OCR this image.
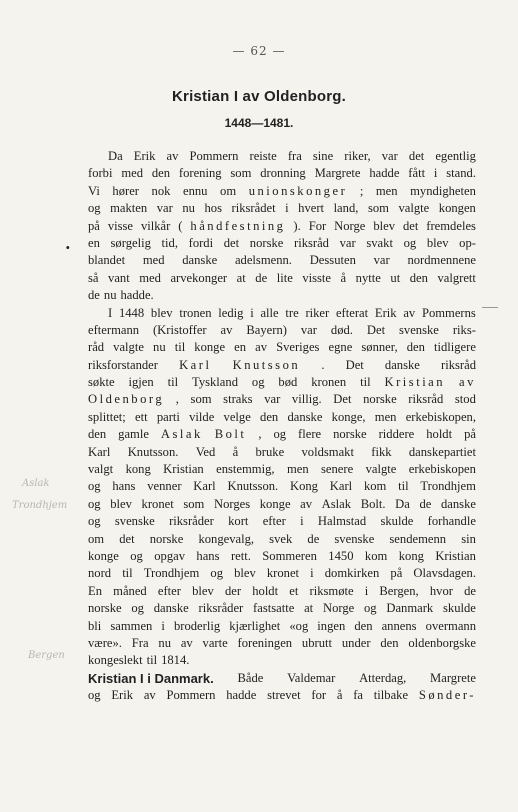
— 62 —
Kristian I av Oldenborg.
1448—1481.
.
Aslak
Trondhjem
Bergen
Da Erik av Pommern reiste fra sine riker, var det egentlig
forbi med den forening som dronning Margrete hadde fått i stand.
Vi hører nok ennu om unionskonger ; men myndigheten
og makten var nu hos riksrådet i hvert land, som valgte kongen
på visse vilkår ( håndfestning ). For Norge blev det fremdeles
en sørgelig tid, fordi det norske riksråd var svakt og blev op-
blandet med danske adelsmenn. Dessuten var nordmennene
så vant med arvekonger at de lite visste å nytte ut den valgrett
de nu hadde.
I 1448 blev tronen ledig i alle tre riker efterat Erik av Pommerns
eftermann (Kristoffer av Bayern) var død. Det svenske riks-
råd valgte nu til konge en av Sveriges egne sønner, den tidligere
riksforstander Karl Knutsson . Det danske riksråd
søkte igjen til Tyskland og bød kronen til Kristian av
Oldenborg , som straks var villig. Det norske riksråd stod
splittet; ett parti vilde velge den danske konge, men erkebiskopen,
den gamle Aslak Bolt , og flere norske riddere holdt på
Karl Knutsson. Ved å bruke voldsmakt fikk danskepartiet
valgt kong Kristian enstemmig, men senere valgte erkebiskopen
og hans venner Karl Knutsson. Kong Karl kom til Trondhjem
og blev kronet som Norges konge av Aslak Bolt. Da de danske
og svenske riksråder kort efter i Halmstad skulde forhandle
om det norske kongevalg, svek de svenske sendemenn sin
konge og opgav hans rett. Sommeren 1450 kom kong Kristian
nord til Trondhjem og blev kronet i domkirken på Olavsdagen.
En måned efter blev der holdt et riksmøte i Bergen, hvor de
norske og danske riksråder fastsatte at Norge og Danmark skulde
bli sammen i broderlig kjærlighet «og ingen den annens overmann
være». Fra nu av varte foreningen ubrutt under den oldenborgske
kongeslekt til 1814.
Kristian I i Danmark. Både Valdemar Atterdag, Margrete
og Erik av Pommern hadde strevet for å fa tilbake Sønder-
